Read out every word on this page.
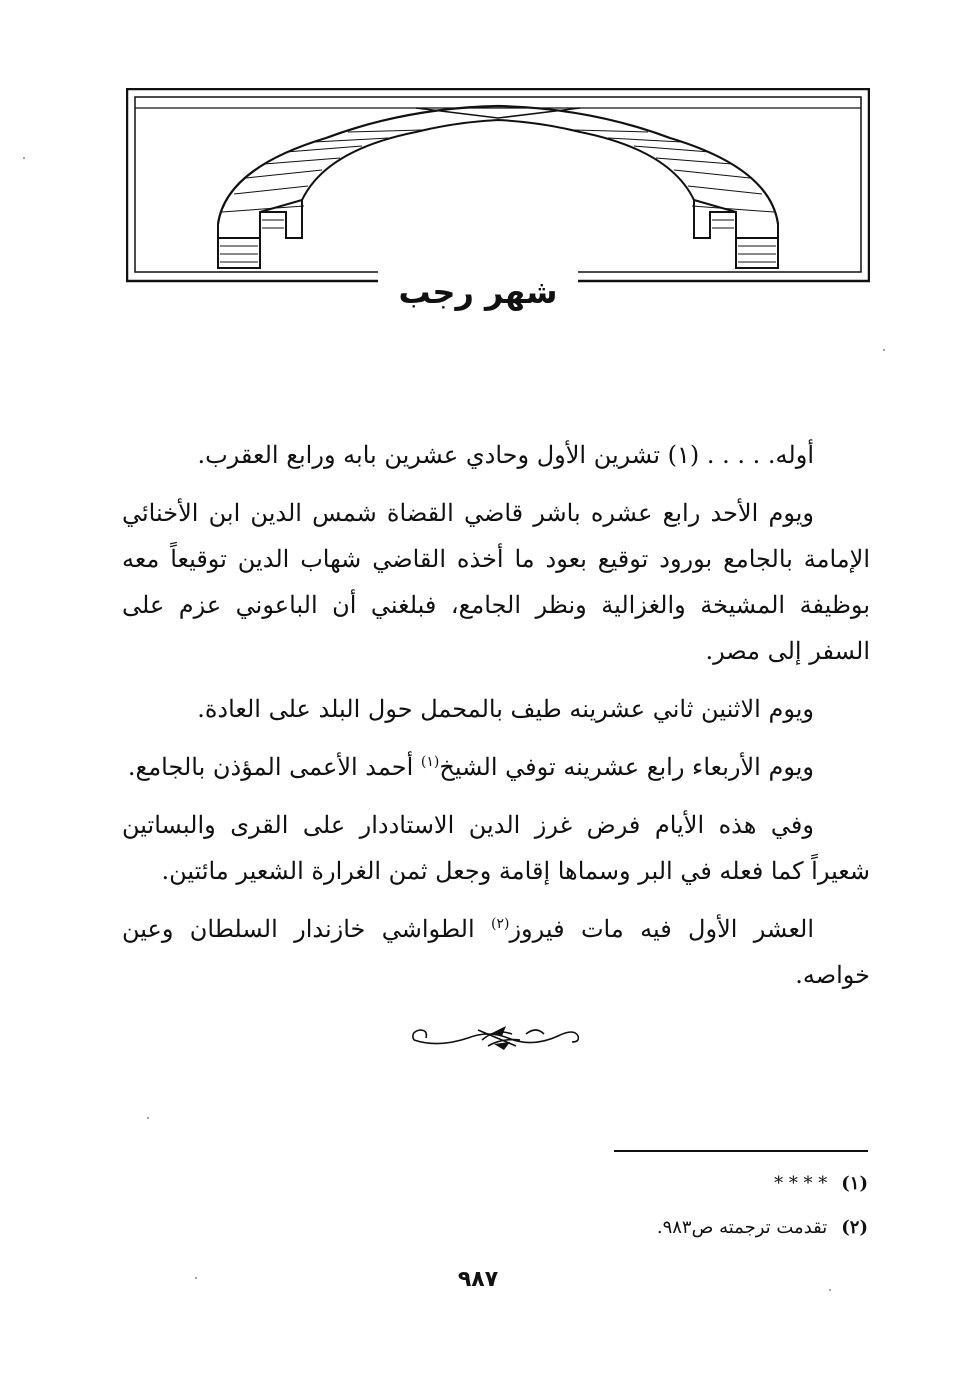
شهر رجب

أوله. . . . . (١) تشرين الأول وحادي عشرين بابه ورابع العقرب.

ويوم الأحد رابع عشره باشر قاضي القضاة شمس الدين ابن الأخنائي الإمامة بالجامع بورود توقيع بعود ما أخذه القاضي شهاب الدين توقيعاً معه بوظيفة المشيخة والغزالية ونظر الجامع، فبلغني أن الباعوني عزم على السفر إلى مصر.

ويوم الاثنين ثاني عشرينه طيف بالمحمل حول البلد على العادة.

ويوم الأربعاء رابع عشرينه توفي الشيخ$^{(١)}$ أحمد الأعمى المؤذن بالجامع.

وفي هذه الأيام فرض غرز الدين الاستاددار على القرى والبساتين شعيراً كما فعله في البر وسماها إقامة وجعل ثمن الغرارة الشعير مائتين.

العشر الأول فيه مات فيروز$^{(٢)}$ الطواشي خازندار السلطان وعين خواصه.

(١)* * * *
(٢)تقدمت ترجمته ص٩٨٣.
٩٨٧
